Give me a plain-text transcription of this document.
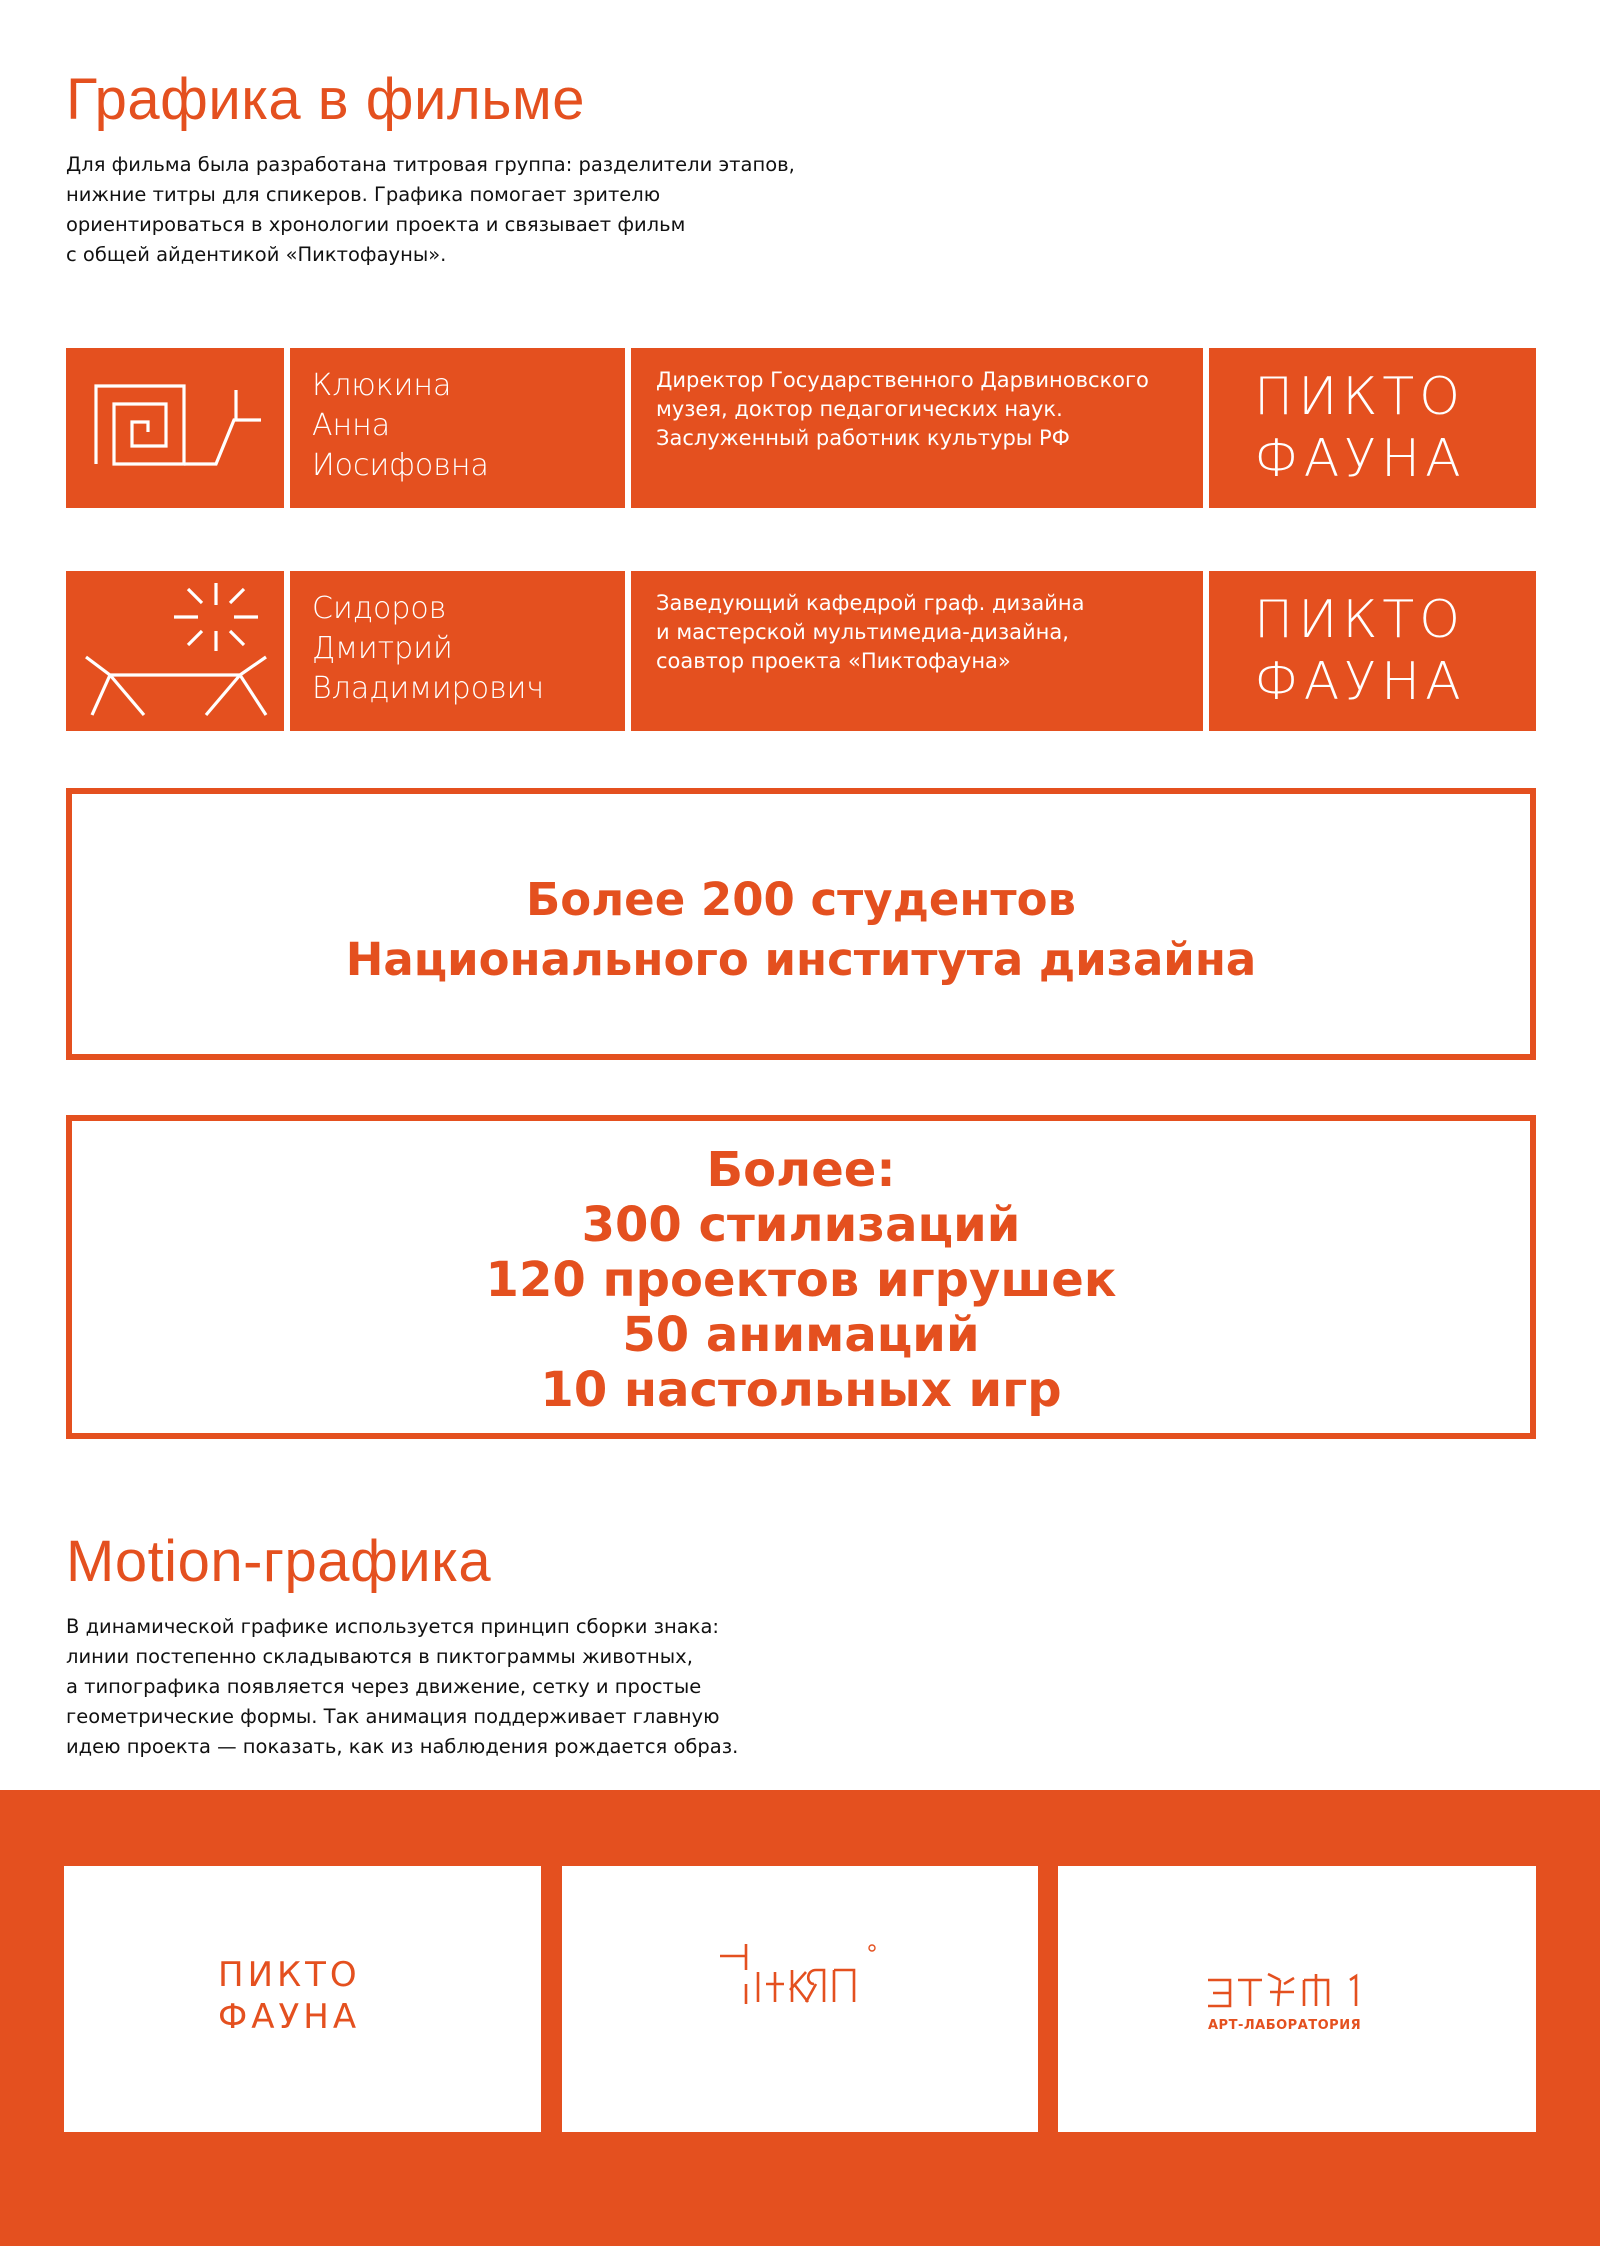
Графика в фильме
Для фильма была разработана титровая группа: разделители этапов,
нижние титры для спикеров. Графика помогает зрителю
ориентироваться в хронологии проекта и связывает фильм
с общей айдентикой «Пиктофауны».
Клюкина
Анна
Иосифовна
Директор Государственного Дарвиновского
музея, доктор педагогических наук.
Заслуженный работник культуры РФ
ПИКТО
ФАУНА
Сидоров
Дмитрий
Владимирович
Заведующий кафедрой граф. дизайна
и мастерской мультимедиа-дизайна,
соавтор проекта «Пиктофауна»
ПИКТО
ФАУНА
Более 200 студентов
Национального института дизайна
Более:
300 стилизаций
120 проектов игрушек
50 анимаций
10 настольных игр
Motion-графика
В динамической графике используется принцип сборки знака:
линии постепенно складываются в пиктограммы животных,
а типографика появляется через движение, сетку и простые
геометрические формы. Так анимация поддерживает главную
идею проекта — показать, как из наблюдения рождается образ.
ПИКТО
ФАУНА	АРТ-ЛАБОРАТОРИЯ
